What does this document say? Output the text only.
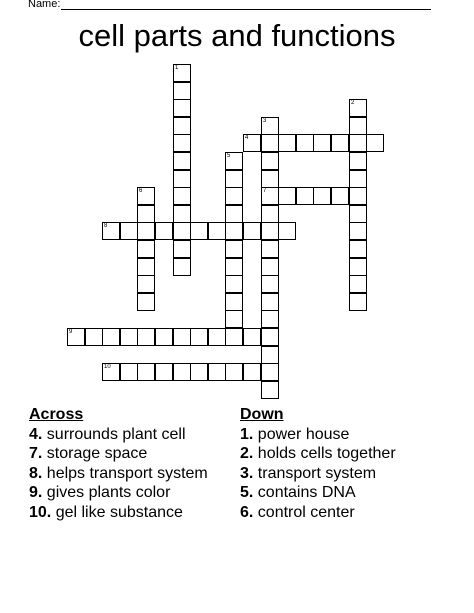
Name:
cell parts and functions
1
2
3
7
4
5
6
8
9
10
Across
4. surrounds plant cell
7. storage space
8. helps transport system
9. gives plants color
10. gel like substance
Down
1. power house
2. holds cells together
3. transport system
5. contains DNA
6. control center
